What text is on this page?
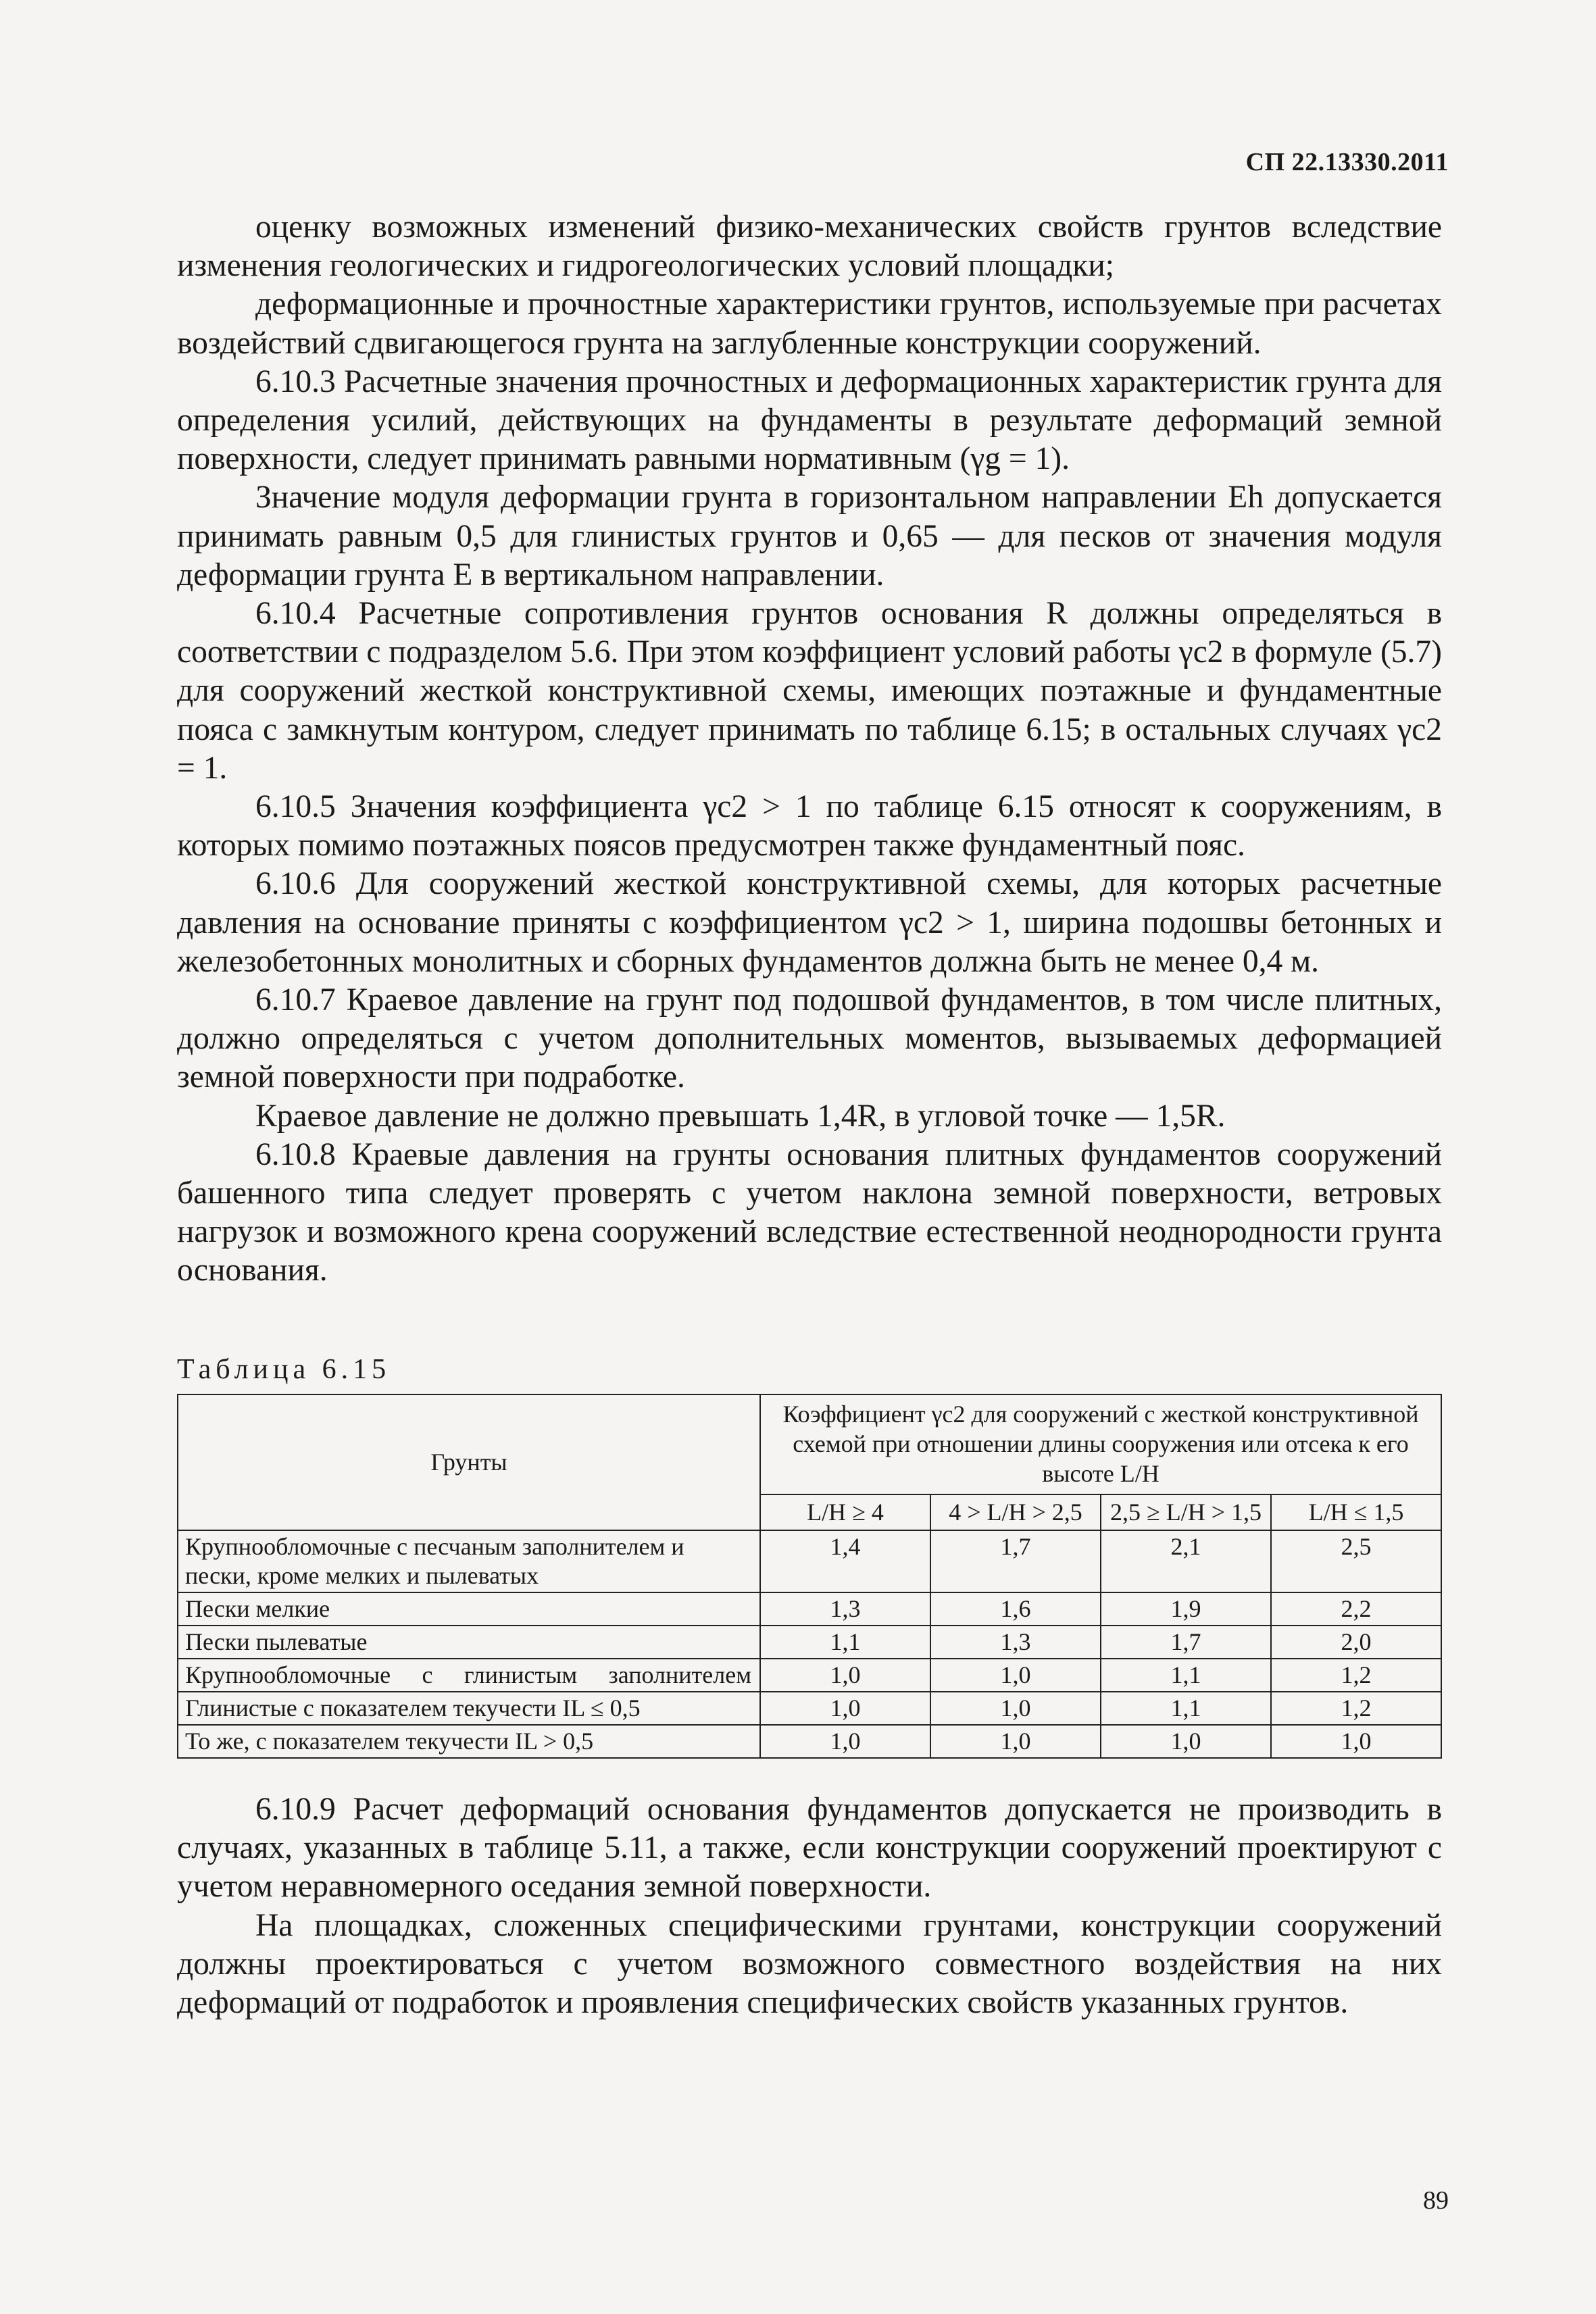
СП 22.13330.2011

оценку возможных изменений физико-механических свойств грунтов вследствие изменения геологических и гидрогеологических условий площадки;

деформационные и прочностные характеристики грунтов, используемые при расчетах воздействий сдвигающегося грунта на заглубленные конструкции сооружений.

6.10.3 Расчетные значения прочностных и деформационных характеристик грунта для определения усилий, действующих на фундаменты в результате деформаций земной поверхности, следует принимать равными нормативным (γg = 1).

Значение модуля деформации грунта в горизонтальном направлении Eh допускается принимать равным 0,5 для глинистых грунтов и 0,65 — для песков от значения модуля деформации грунта E в вертикальном направлении.

6.10.4 Расчетные сопротивления грунтов основания R должны определяться в соответствии с подразделом 5.6. При этом коэффициент условий работы γc2 в формуле (5.7) для сооружений жесткой конструктивной схемы, имеющих поэтажные и фундаментные пояса с замкнутым контуром, следует принимать по таблице 6.15; в остальных случаях γc2 = 1.

6.10.5 Значения коэффициента γc2 > 1 по таблице 6.15 относят к сооружениям, в которых помимо поэтажных поясов предусмотрен также фундаментный пояс.

6.10.6 Для сооружений жесткой конструктивной схемы, для которых расчетные давления на основание приняты с коэффициентом γc2 > 1, ширина подошвы бетонных и железобетонных монолитных и сборных фундаментов должна быть не менее 0,4 м.

6.10.7 Краевое давление на грунт под подошвой фундаментов, в том числе плитных, должно определяться с учетом дополнительных моментов, вызываемых деформацией земной поверхности при подработке.

Краевое давление не должно превышать 1,4R, в угловой точке — 1,5R.

6.10.8 Краевые давления на грунты основания плитных фундаментов сооружений башенного типа следует проверять с учетом наклона земной поверхности, ветровых нагрузок и возможного крена сооружений вследствие естественной неоднородности грунта основания.

Таблица 6.15
Грунты	Коэффициент γc2 для сооружений с жесткой конструктивной схемой при отношении длины сооружения или отсека к его высоте L/H			
	L/H ≥ 4	4 > L/H > 2,5	2,5 ≥ L/H > 1,5	L/H ≤ 1,5
Крупнообломочные с песчаным заполнителем и пески, кроме мелких и пылеватых	1,4	1,7	2,1	2,5
Пески мелкие	1,3	1,6	1,9	2,2
Пески пылеватые	1,1	1,3	1,7	2,0
Крупнообломочные с глинистым заполнителем	1,0	1,0	1,1	1,2
Глинистые с показателем текучести IL ≤ 0,5	1,0	1,0	1,1	1,2
То же, с показателем текучести IL > 0,5	1,0	1,0	1,0	1,0

6.10.9 Расчет деформаций основания фундаментов допускается не производить в случаях, указанных в таблице 5.11, а также, если конструкции сооружений проектируют с учетом неравномерного оседания земной поверхности.

На площадках, сложенных специфическими грунтами, конструкции сооружений должны проектироваться с учетом возможного совместного воздействия на них деформаций от подработок и проявления специфических свойств указанных грунтов.

89
